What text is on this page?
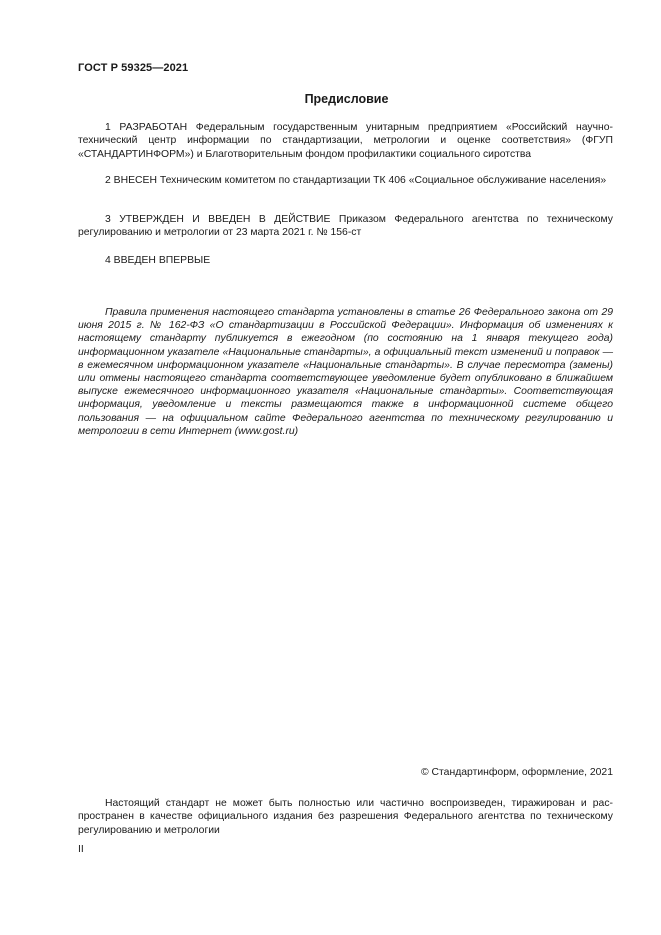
ГОСТ Р 59325—2021
Предисловие
1 РАЗРАБОТАН Федеральным государственным унитарным предприятием «Российский научно-технический центр информации по стандартизации, метрологии и оценке соответствия» (ФГУП «СТАНДАРТИНФОРМ») и Благотворительным фондом профилактики социального сиротства
2 ВНЕСЕН Техническим комитетом по стандартизации ТК 406 «Социальное обслуживание населения»
3 УТВЕРЖДЕН И ВВЕДЕН В ДЕЙСТВИЕ Приказом Федерального агентства по техническому регулированию и метрологии от 23 марта 2021 г. № 156-ст
4 ВВЕДЕН ВПЕРВЫЕ
Правила применения настоящего стандарта установлены в статье 26 Федерального закона от 29 июня 2015 г. № 162-ФЗ «О стандартизации в Российской Федерации». Информация об изменениях к настоящему стандарту публикуется в ежегодном (по состоянию на 1 января текущего года) информационном указателе «Национальные стандарты», а официальный текст изменений и поправок — в ежемесячном информационном указателе «Национальные стандарты». В случае пересмотра (замены) или отмены настоящего стандарта соответствующее уведомление будет опубликовано в ближайшем выпуске ежемесячного информационного указателя «Национальные стандарты». Соответствующая информация, уведомление и тексты размещаются также в информационной системе общего пользования — на официальном сайте Федерального агентства по техническому регулированию и метрологии в сети Интернет (www.gost.ru)
© Стандартинформ, оформление, 2021
Настоящий стандарт не может быть полностью или частично воспроизведен, тиражирован и распространен в качестве официального издания без разрешения Федерального агентства по техническому регулированию и метрологии
II
